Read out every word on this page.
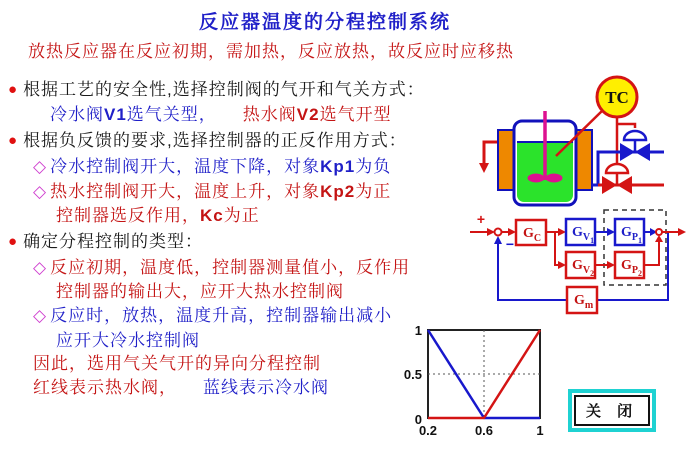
反应器温度的分程控制系统
放热反应器在反应初期，需加热，反应放热，故反应时应移热
● 根据工艺的安全性,选择控制阀的气开和气关方式：
冷水阀V1选气关型， 热水阀V2选气开型
● 根据负反馈的要求,选择控制器的正反作用方式：
◇ 冷水控制阀开大，温度下降，对象Kp1为负
◇ 热水控制阀开大，温度上升，对象Kp2为正
控制器选反作用，Kc为正
● 确定分程控制的类型：
◇ 反应初期，温度低，控制器测量值小，反作用
控制器的输出大，应开大热水控制阀
◇ 反应时，放热，温度升高，控制器输出减小
应开大冷水控制阀
因此，选用气关气开的异向分程控制
红线表示热水阀， 蓝线表示冷水阀
TC
+
−
$G_C$ $G_{V1}$
$G_{V2}$
$G_{P1}$
$G_{P2}$
$G_m$
0
0.5
1
0.2	0.6	1
关 闭
